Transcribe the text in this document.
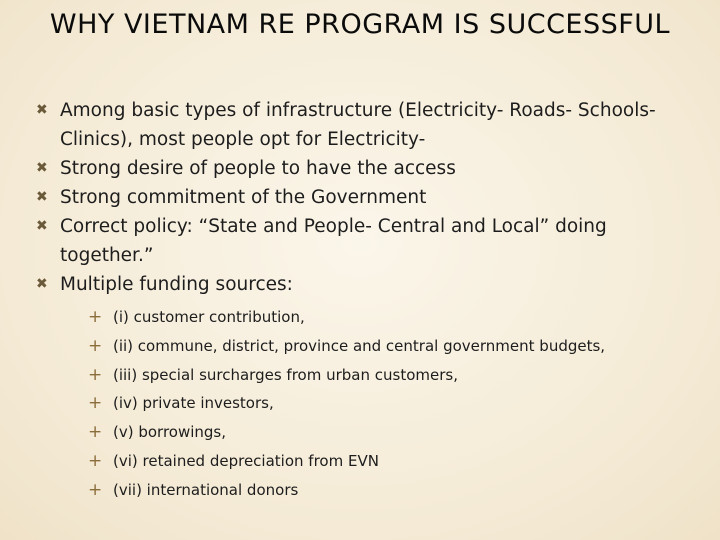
WHY VIETNAM RE PROGRAM IS SUCCESSFUL
✖ Among basic types of infrastructure (Electricity- Roads- Schools- Clinics), most people opt for Electricity-
✖ Strong desire of people to have the access
✖ Strong commitment of the Government
✖ Correct policy: “State and People- Central and Local” doing together.”
✖ Multiple funding sources:
+ (i) customer contribution,
+ (ii) commune, district, province and central government budgets,
+ (iii) special surcharges from urban customers,
+ (iv) private investors,
+ (v) borrowings,
+ (vi) retained depreciation from EVN
+ (vii) international donors
